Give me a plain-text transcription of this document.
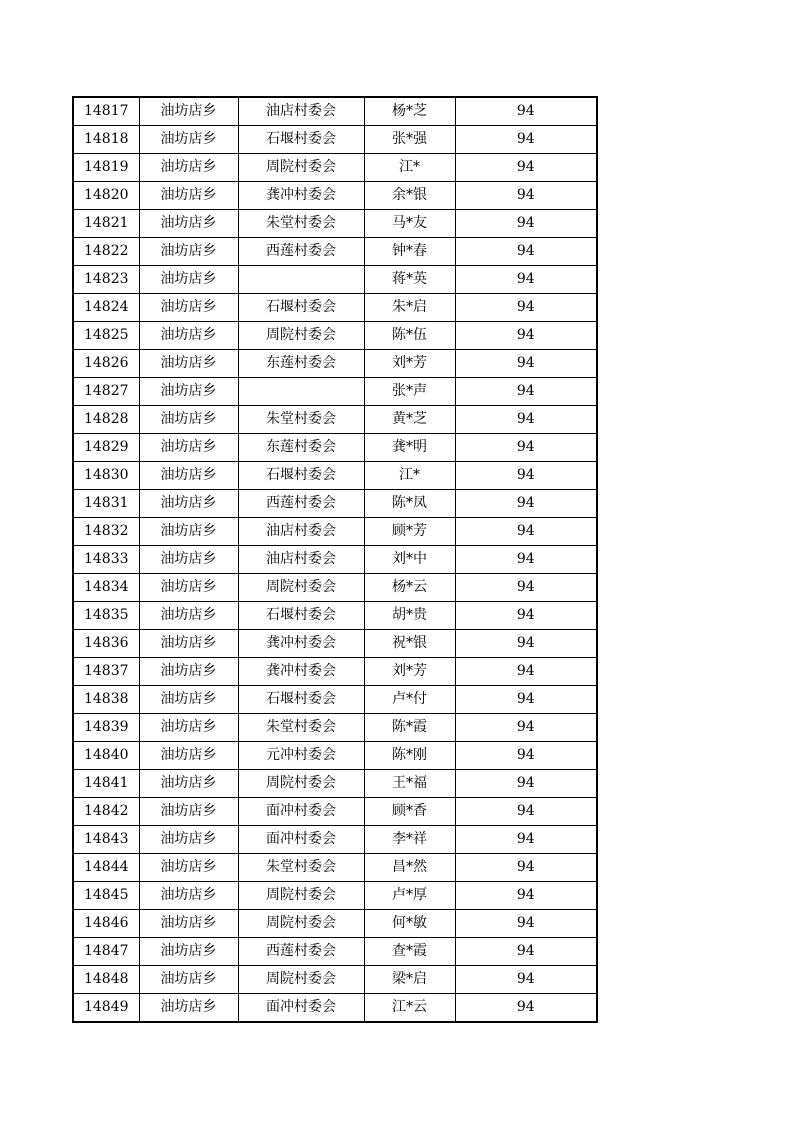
14817	油坊店乡	油店村委会	杨*芝	94
14818	油坊店乡	石堰村委会	张*强	94
14819	油坊店乡	周院村委会	江*	94
14820	油坊店乡	龚冲村委会	余*银	94
14821	油坊店乡	朱堂村委会	马*友	94
14822	油坊店乡	西莲村委会	钟*春	94
14823	油坊店乡		蒋*英	94
14824	油坊店乡	石堰村委会	朱*启	94
14825	油坊店乡	周院村委会	陈*伍	94
14826	油坊店乡	东莲村委会	刘*芳	94
14827	油坊店乡		张*声	94
14828	油坊店乡	朱堂村委会	黄*芝	94
14829	油坊店乡	东莲村委会	龚*明	94
14830	油坊店乡	石堰村委会	江*	94
14831	油坊店乡	西莲村委会	陈*凤	94
14832	油坊店乡	油店村委会	顾*芳	94
14833	油坊店乡	油店村委会	刘*中	94
14834	油坊店乡	周院村委会	杨*云	94
14835	油坊店乡	石堰村委会	胡*贵	94
14836	油坊店乡	龚冲村委会	祝*银	94
14837	油坊店乡	龚冲村委会	刘*芳	94
14838	油坊店乡	石堰村委会	卢*付	94
14839	油坊店乡	朱堂村委会	陈*霞	94
14840	油坊店乡	元冲村委会	陈*刚	94
14841	油坊店乡	周院村委会	王*福	94
14842	油坊店乡	面冲村委会	顾*香	94
14843	油坊店乡	面冲村委会	李*祥	94
14844	油坊店乡	朱堂村委会	昌*然	94
14845	油坊店乡	周院村委会	卢*厚	94
14846	油坊店乡	周院村委会	何*敏	94
14847	油坊店乡	西莲村委会	查*霞	94
14848	油坊店乡	周院村委会	梁*启	94
14849	油坊店乡	面冲村委会	江*云	94
